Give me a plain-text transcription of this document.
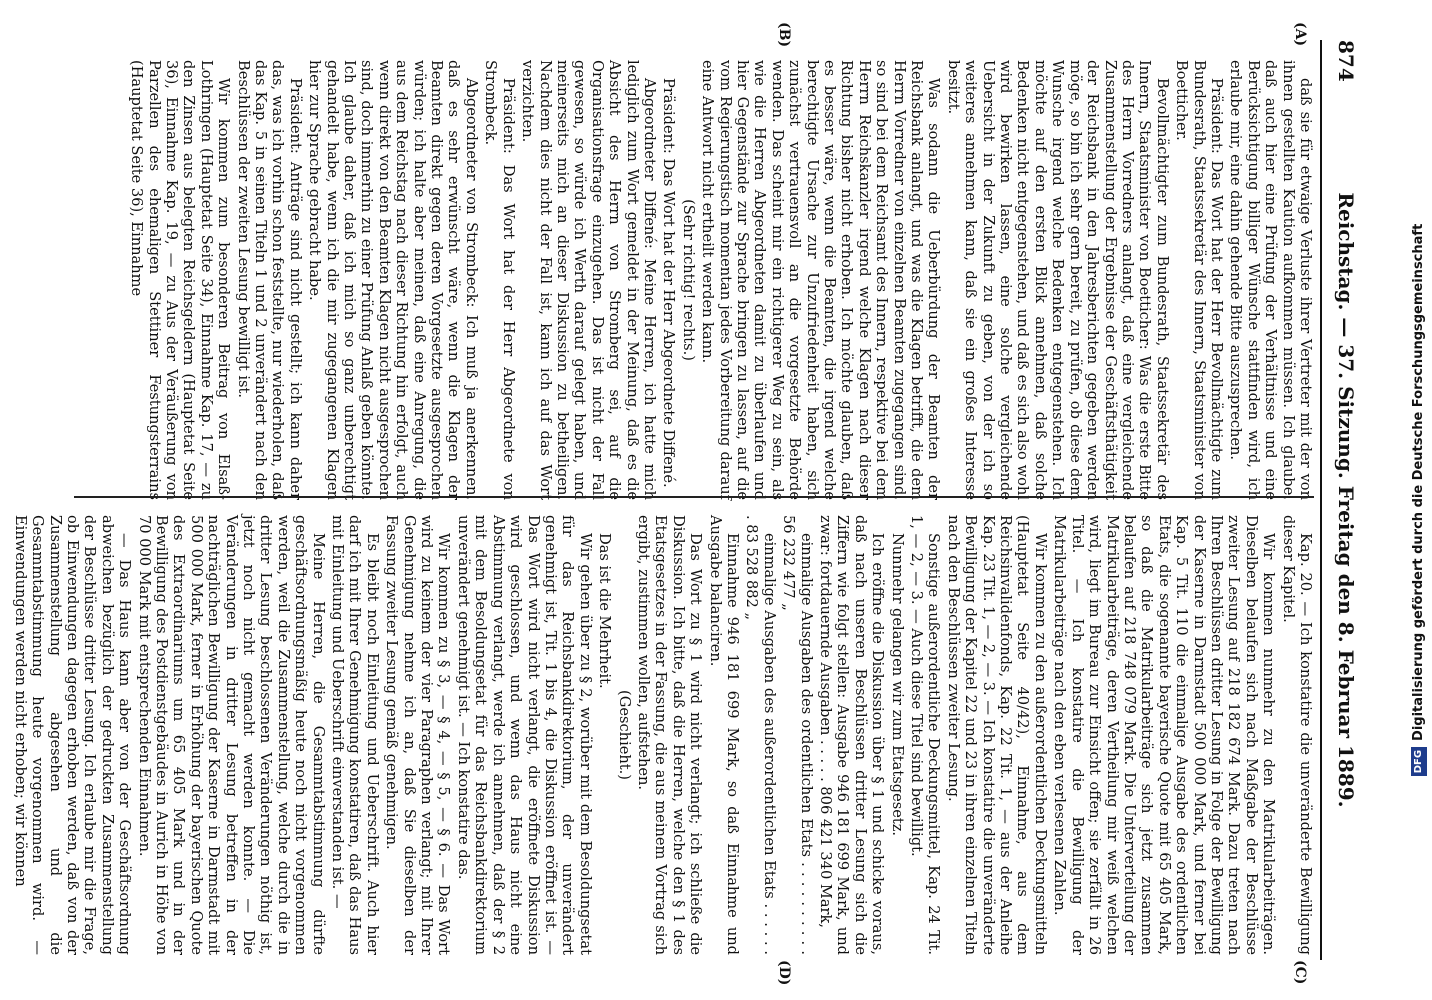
874
Reichstag. — 37. Sitzung. Freitag den 8. Februar 1889.
(A)
(B)
(C)
(D)

daß sie für etwaige Verluste ihrer Vertreter mit der von ihnen gestellten Kaution aufkommen müssen. Ich glaube, daß auch hier eine Prüfung der Verhältnisse und eine Berücksichtigung billiger Wünsche stattfinden wird, ich erlaube mir, eine dahin gehende Bitte auszusprechen.

Präsident: Das Wort hat der Herr Bevollmächtigte zum Bundesrath, Staatssekretär des Innern, Staatsminister von Boetticher.

Bevollmächtigter zum Bundesrath, Staatssekretär des Innern, Staatsminister von Boetticher: Was die erste Bitte des Herrn Vorredners anlangt, daß eine vergleichende Zusammenstellung der Ergebnisse der Geschäftsthätigkeit der Reichsbank in den Jahresberichten gegeben werden möge, so bin ich sehr gern bereit, zu prüfen, ob diese dem Wunsche irgend welche Bedenken entgegenstehen. Ich möchte auf den ersten Blick annehmen, daß solche Bedenken nicht entgegenstehen, und daß es sich also wohl wird bewirken lassen, eine solche vergleichende Uebersicht in der Zukunft zu geben, von der ich so weiteres annehmen kann, daß sie ein großes Interesse besitzt.

Was sodann die Ueberbürdung der Beamten der Reichsbank anlangt, und was die Klagen betrifft, die dem Herrn Vorredner von einzelnen Beamten zugegangen sind, so sind bei dem Reichsamt des Innern, respektive bei dem Herrn Reichskanzler irgend welche Klagen nach dieser Richtung bisher nicht erhoben. Ich möchte glauben, daß es besser wäre, wenn die Beamten, die irgend welche berechtigte Ursache zur Unzufriedenheit haben, sich zunächst vertrauensvoll an die vorgesetzte Behörde wenden. Das scheint mir ein richtigerer Weg zu sein, als wie die Herren Abgeordneten damit zu überlaufen und hier Gegenstände zur Sprache bringen zu lassen, auf die vom Regierungstisch momentan jedes Vorbereitung darauf eine Antwort nicht ertheilt werden kann.

(Sehr richtig! rechts.)

Präsident: Das Wort hat der Herr Abgeordnete Diffené.

Abgeordneter Diffené: Meine Herren, ich hatte mich lediglich zum Wort gemeldet in der Meinung, daß es die Absicht des Herrn von Stromberg sei, auf die Organisationsfrage einzugehen. Das ist nicht der Fall gewesen, so würde ich Werth darauf gelegt haben, und meinerseits mich an dieser Diskussion zu betheiligen. Nachdem dies nicht der Fall ist, kann ich auf das Wort verzichten.

Präsident: Das Wort hat der Herr Abgeordnete von Strombeck.

Abgeordneter von Strombeck: Ich muß ja anerkennen, daß es sehr erwünscht wäre, wenn die Klagen der Beamten direkt gegen deren Vorgesetzte ausgesprochen würden; ich halte aber meinen, daß eine Anregung, die aus dem Reichstag nach dieser Richtung hin erfolgt, auch wenn direkt von den Beamten Klagen nicht ausgesprochen sind, doch immerhin zu einer Prüfung Anlaß geben könnte. Ich glaube daher, daß ich mich so ganz unberechtigt gehandelt habe, wenn ich die mir zugegangenen Klagen hier zur Sprache gebracht habe.

Präsident: Anträge sind nicht gestellt; ich kann daher das, was ich vorhin schon feststellte, nur wiederholen, daß das Kap. 5 in seinen Titeln 1 und 2 unverändert nach den Beschlüssen der zweiten Lesung bewilligt ist.

Wir kommen zum besonderen Beitrag von Elsaß-Lothringen (Hauptetat Seite 34), Einnahme Kap. 17, — zu den Zinsen aus belegten Reichsgeldern (Hauptetat Seite 36), Einnahme Kap. 19, — zu Aus der Veräußerung von Parzellen des ehemaligen Stettiner Festungsterrains (Hauptetat Seite 36), Einnahme

Kap. 20. — Ich konstatire die unveränderte Bewilligung dieser Kapitel.

Wir kommen nunmehr zu den Matrikularbeiträgen. Dieselben belaufen sich nach Maßgabe der Beschlüsse zweiter Lesung auf 218 182 674 Mark. Dazu treten nach Ihren Beschlüssen dritter Lesung in Folge der Bewilligung der Kaserne in Darmstadt 500 000 Mark, und ferner bei Kap. 5 Tit. 110 die einmalige Ausgabe des ordentlichen Etats, die sogenannte bayerische Quote mit 65 405 Mark, so daß die Matrikularbeiträge sich jetzt zusammen belaufen auf 218 748 079 Mark. Die Unterverteilung der Matrikularbeiträge, deren Vertheilung mir weiß welchen wird, liegt im Bureau zur Einsicht offen; sie zerfällt in 26 Titel. — Ich konstatire die Bewilligung der Matrikularbeiträge nach den eben verlesenen Zahlen.

Wir kommen zu den außerordentlichen Deckungsmitteln (Hauptetat Seite 40/42), Einnahme, aus dem Reichsinvalidenfonds, Kap. 22 Tit. 1, — aus der Anleihe Kap. 23 Tit. 1, — 2, — 3. — Ich konstatire die unveränderte Bewilligung der Kapitel 22 und 23 in ihren einzelnen Titeln nach den Beschlüssen zweiter Lesung.

Sonstige außerordentliche Deckungsmittel, Kap. 24 Tit. 1, — 2, — 3. — Auch diese Titel sind bewilligt.

Nunmehr gelangen wir zum Etatsgesetz.

Ich eröffne die Diskussion über § 1 und schicke voraus, daß nach unseren Beschlüssen dritter Lesung sich die Ziffern wie folgt stellen: Ausgabe 946 181 699 Mark, und zwar: fortdauernde Ausgaben . . . . . 806 421 340 Mark,

einmalige Ausgaben des ordentlichen Etats . . . . . . . . . . 56 232 477 „

einmalige Ausgaben des außerordentlichen Etats . . . . . . . 83 528 882 „

Einnahme 946 181 699 Mark, so daß Einnahme und Ausgabe balanciren.

Das Wort zu § 1 wird nicht verlangt; ich schließe die Diskussion. Ich bitte, daß die Herren, welche den § 1 des Etatsgesetzes in der Fassung, die aus meinem Vortrag sich ergibt, zustimmen wollen, aufstehen.

(Geschieht.)

Das ist die Mehrheit.

Wir gehen über zu § 2, worüber mit dem Besoldungsetat für das Reichsbankdirektorium, der unverändert genehmigt ist, Tit. 1 bis 4, die Diskussion eröffnet ist. — Das Wort wird nicht verlangt, die eröffnete Diskussion wird geschlossen, und wenn das Haus nicht eine Abstimmung verlangt, werde ich annehmen, daß der § 2 mit dem Besoldungsetat für das Reichsbankdirektorium unverändert genehmigt ist. — Ich konstatire das.

Wir kommen zu § 3, — § 4, — § 5, — § 6. — Das Wort wird zu keinem der vier Paragraphen verlangt; mit Ihrer Genehmigung nehme ich an, daß Sie dieselben der Fassung zweiter Lesung gemäß genehmigen.

Es bleibt noch Einleitung und Ueberschrift. Auch hier darf ich mit Ihrer Genehmigung konstatiren, daß das Haus mit Einleitung und Ueberschrift einverstanden ist. —

Meine Herren, die Gesammtabstimmung dürfte geschäftsordnungsmäßig heute noch nicht vorgenommen werden, weil die Zusammenstellung, welche durch die in dritter Lesung beschlossenen Veränderungen nöthig ist, jetzt noch nicht gemacht werden konnte. — Die Veränderungen in dritter Lesung betreffen in der nachträglichen Bewilligung der Kaserne in Darmstadt mit 500 000 Mark, ferner in Erhöhung der bayerischen Quote des Extraordinariums um 65 405 Mark und in der Bewilligung des Postdienstgebäudes in Aurich in Höhe von 70 000 Mark mit entsprechenden Einnahmen.

— Das Haus kann aber von der Geschäftsordnung abweichen bezüglich der gedruckten Zusammenstellung der Beschlüsse dritter Lesung. Ich erlaube mir die Frage, ob Einwendungen dagegen erhoben werden, daß von der Zusammenstellung abgesehen und die Gesammtabstimmung heute vorgenommen wird. — Einwendungen werden nicht erhoben; wir können	DFGDigitalisierung gefördert durch die Deutsche Forschungsgemeinschaft
